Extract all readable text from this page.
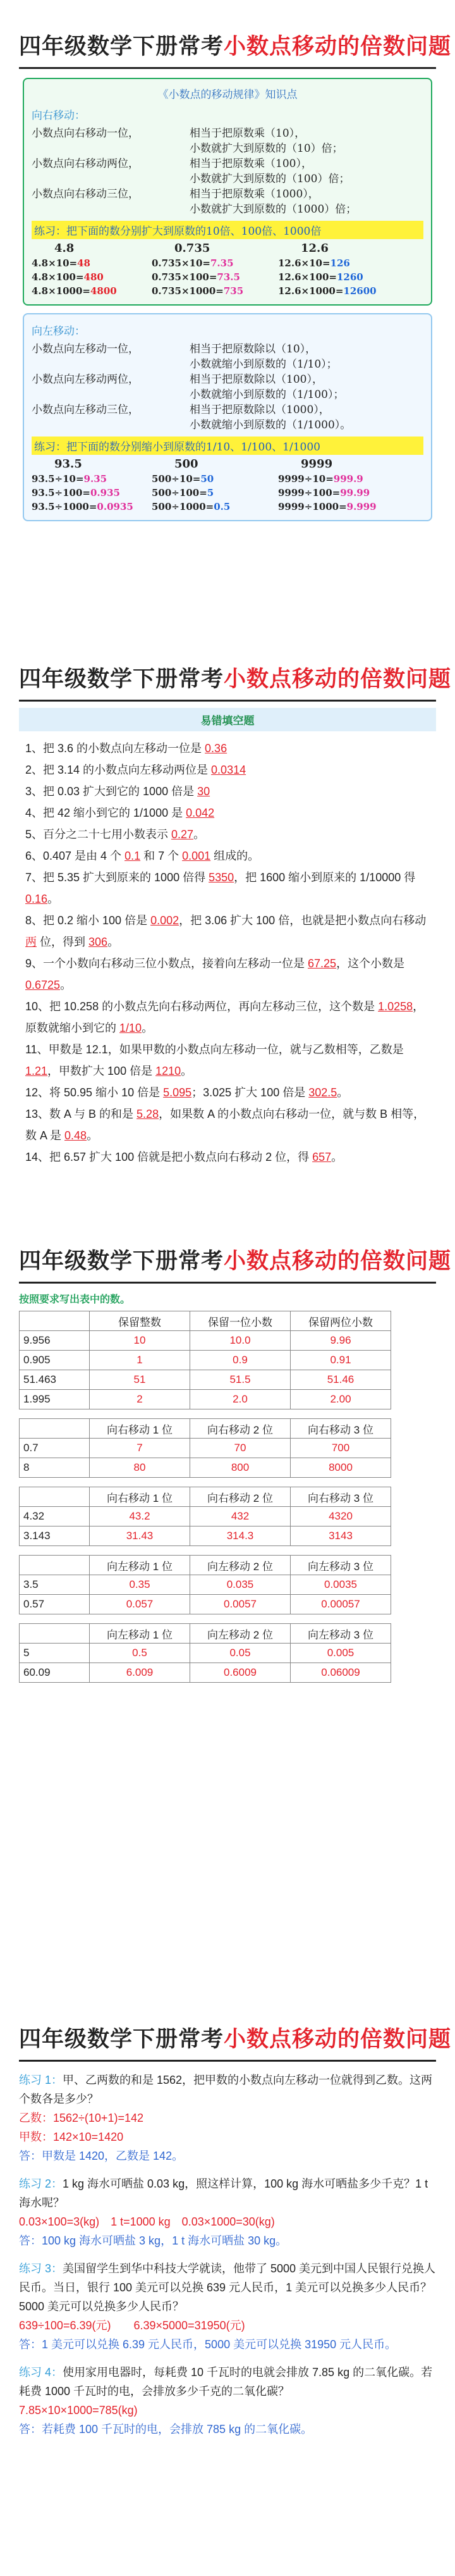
四年级数学下册常考小数点移动的倍数问题
《小数点的移动规律》知识点
向右移动：
小数点向右移动一位，	相当于把原数乘（10），
小数就扩大到原数的（10）倍；
小数点向右移动两位，	相当于把原数乘（100），
小数就扩大到原数的（100）倍；
小数点向右移动三位，	相当于把原数乘（1000），
小数就扩大到原数的（1000）倍；
练习：把下面的数分别扩大到原数的10倍、100倍、1000倍
4.8	0.735	12.6
4.8×10=48	0.735×10=7.35	12.6×10=126
4.8×100=480	0.735×100=73.5	12.6×100=1260
4.8×1000=4800	0.735×1000=735	12.6×1000=12600
向左移动：
小数点向左移动一位，	相当于把原数除以（10），
小数就缩小到原数的（1/10）；
小数点向左移动两位，	相当于把原数除以（100），
小数就缩小到原数的（1/100）；
小数点向左移动三位，	相当于把原数除以（1000），
小数就缩小到原数的（1/1000）。
练习：把下面的数分别缩小到原数的1/10、1/100、1/1000
93.5	500	9999
93.5÷10=9.35	500÷10=50	9999÷10=999.9
93.5÷100=0.935	500÷100=5	9999÷100=99.99
93.5÷1000=0.0935	500÷1000=0.5	9999÷1000=9.999
四年级数学下册常考小数点移动的倍数问题
易错填空题
1、把 3.6 的小数点向左移动一位是 0.36
2、把 3.14 的小数点向左移动两位是 0.0314
3、把 0.03 扩大到它的 1000 倍是 30
4、把 42 缩小到它的 1/1000 是 0.042
5、百分之二十七用小数表示 0.27。
6、0.407 是由 4 个 0.1 和 7 个 0.001 组成的。
7、把 5.35 扩大到原来的 1000 倍得 5350，把 1600 缩小到原来的 1/10000 得 0.16。
8、把 0.2 缩小 100 倍是 0.002，把 3.06 扩大 100 倍，也就是把小数点向右移动 两 位，得到 306。
9、一个小数向右移动三位小数点，接着向左移动一位是 67.25，这个小数是 0.6725。
10、把 10.258 的小数点先向右移动两位，再向左移动三位，这个数是 1.0258，原数就缩小到它的 1/10。
11、甲数是 12.1，如果甲数的小数点向左移动一位，就与乙数相等，乙数是 1.21，甲数扩大 100 倍是 1210。
12、将 50.95 缩小 10 倍是 5.095；3.025 扩大 100 倍是 302.5。
13、数 A 与 B 的和是 5.28，如果数 A 的小数点向右移动一位，就与数 B 相等，数 A 是 0.48。
14、把 6.57 扩大 100 倍就是把小数点向右移动 2 位，得 657。
四年级数学下册常考小数点移动的倍数问题
按照要求写出表中的数。
	保留整数	保留一位小数	保留两位小数
9.956	10	10.0	9.96
0.905	1	0.9	0.91
51.463	51	51.5	51.46
1.995	2	2.0	2.00
	向右移动 1 位	向右移动 2 位	向右移动 3 位
0.7	7	70	700
8	80	800	8000
	向右移动 1 位	向右移动 2 位	向右移动 3 位
4.32	43.2	432	4320
3.143	31.43	314.3	3143
	向左移动 1 位	向左移动 2 位	向左移动 3 位
3.5	0.35	0.035	0.0035
0.57	0.057	0.0057	0.00057
	向左移动 1 位	向左移动 2 位	向左移动 3 位
5	0.5	0.05	0.005
60.09	6.009	0.6009	0.06009
四年级数学下册常考小数点移动的倍数问题
练习 1：甲、乙两数的和是 1562，把甲数的小数点向左移动一位就得到乙数。这两个数各是多少？
乙数：1562÷(10+1)=142
甲数：142×10=1420
答：甲数是 1420，乙数是 142。
练习 2：1 kg 海水可晒盐 0.03 kg，照这样计算，100 kg 海水可晒盐多少千克？1 t 海水呢？
0.03×100=3(kg)　1 t=1000 kg　0.03×1000=30(kg)
答：100 kg 海水可晒盐 3 kg，1 t 海水可晒盐 30 kg。
练习 3：美国留学生到华中科技大学就读，他带了 5000 美元到中国人民银行兑换人民币。当日，银行 100 美元可以兑换 639 元人民币，1 美元可以兑换多少人民币？5000 美元可以兑换多少人民币？
639÷100=6.39(元)　　6.39×5000=31950(元)
答：1 美元可以兑换 6.39 元人民币，5000 美元可以兑换 31950 元人民币。
练习 4：使用家用电器时，每耗费 10 千瓦时的电就会排放 7.85 kg 的二氧化碳。若耗费 1000 千瓦时的电，会排放多少千克的二氧化碳？
7.85×10×1000=785(kg)
答：若耗费 100 千瓦时的电，会排放 785 kg 的二氧化碳。
